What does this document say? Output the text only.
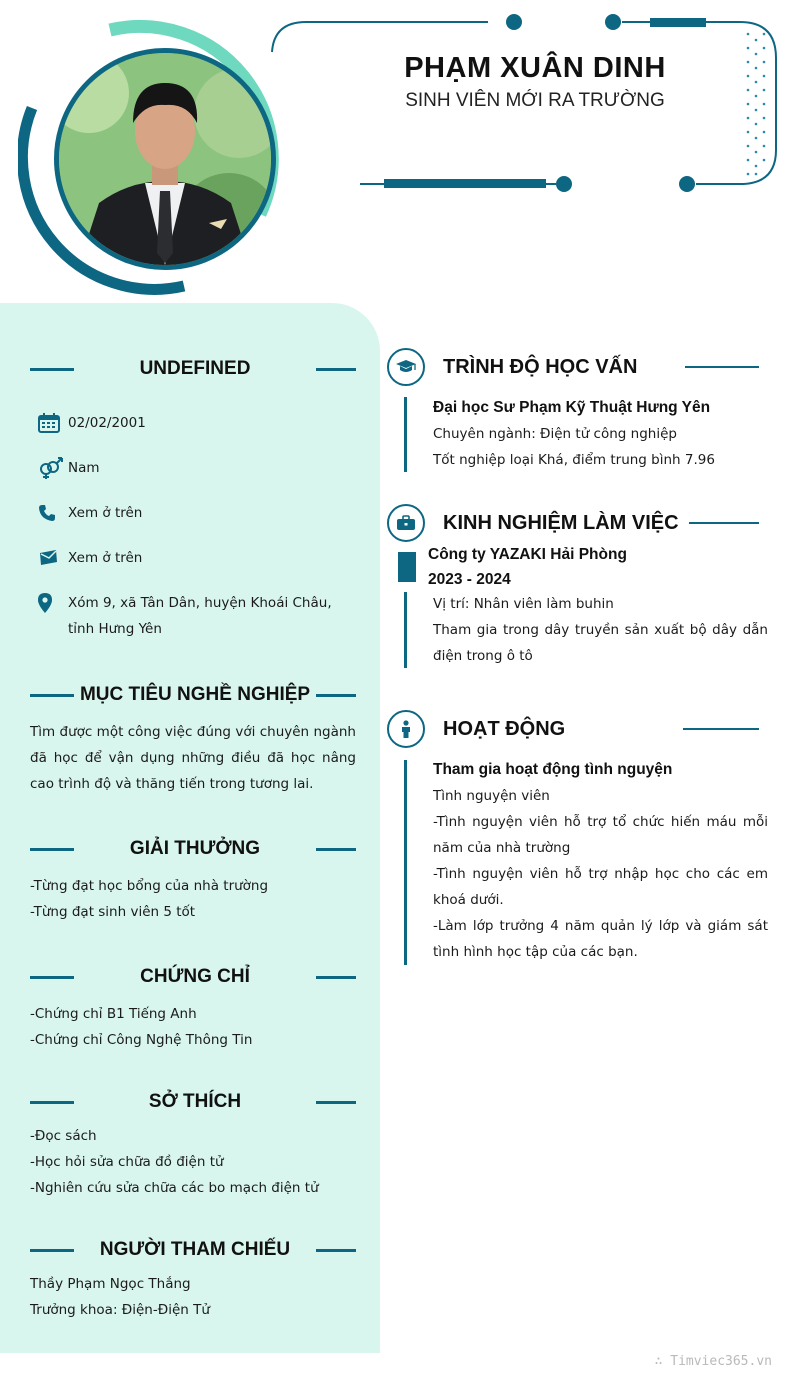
PHẠM XUÂN DINH
SINH VIÊN MỚI RA TRƯỜNG
UNDEFINED
02/02/2001
Nam
Xem ở trên
Xem ở trên
Xóm 9, xã Tân Dân, huyện Khoái Châu, tỉnh Hưng Yên
MỤC TIÊU NGHỀ NGHIỆP
Tìm được một công việc đúng với chuyên ngành đã học để vận dụng những điều đã học nâng cao trình độ và thăng tiến trong tương lai.
GIẢI THƯỞNG
-Từng đạt học bổng của nhà trường
-Từng đạt sinh viên 5 tốt
CHỨNG CHỈ
-Chứng chỉ B1 Tiếng Anh
-Chứng chỉ Công Nghệ Thông Tin
SỞ THÍCH
-Đọc sách
-Học hỏi sửa chữa đồ điện tử
-Nghiên cứu sửa chữa các bo mạch điện tử
NGƯỜI THAM CHIẾU
Thầy Phạm Ngọc Thắng
Trưởng khoa: Điện-Điện Tử
TRÌNH ĐỘ HỌC VẤN
Đại học Sư Phạm Kỹ Thuật Hưng Yên
Chuyên ngành: Điện tử công nghiệp
Tốt nghiệp loại Khá, điểm trung bình 7.96
KINH NGHIỆM LÀM VIỆC
Công ty YAZAKI Hải Phòng
2023 - 2024
Vị trí: Nhân viên làm buhin
Tham gia trong dây truyền sản xuất bộ dây dẫn điện trong ô tô
HOẠT ĐỘNG
Tham gia hoạt động tình nguyện
Tình nguyện viên
-Tình nguyện viên hỗ trợ tổ chức hiến máu mỗi năm của nhà trường
-Tình nguyện viên hỗ trợ nhập học cho các em khoá dưới.
-Làm lớp trưởng 4 năm quản lý lớp và giám sát tình hình học tập của các bạn.
∴ Timviec365.vn
